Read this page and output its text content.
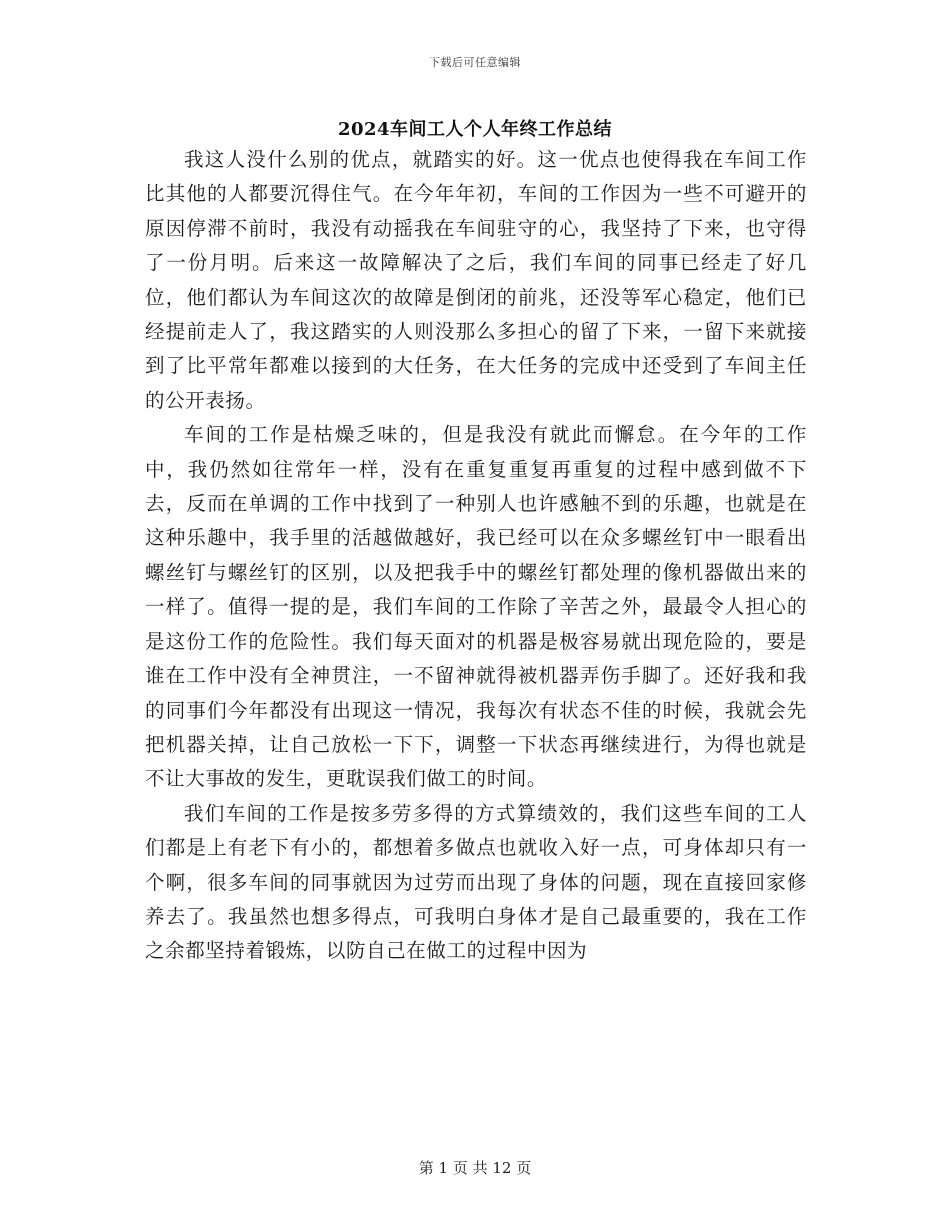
下载后可任意编辑
2024车间工人个人年终工作总结

我这人没什么别的优点，就踏实的好。这一优点也使得我在车间工作比其他的人都要沉得住气。在今年年初，车间的工作因为一些不可避开的原因停滞不前时，我没有动摇我在车间驻守的心，我坚持了下来，也守得了一份月明。后来这一故障解决了之后，我们车间的同事已经走了好几位，他们都认为车间这次的故障是倒闭的前兆，还没等军心稳定，他们已经提前走人了，我这踏实的人则没那么多担心的留了下来，一留下来就接到了比平常年都难以接到的大任务，在大任务的完成中还受到了车间主任的公开表扬。

车间的工作是枯燥乏味的，但是我没有就此而懈怠。在今年的工作中，我仍然如往常年一样，没有在重复重复再重复的过程中感到做不下去，反而在单调的工作中找到了一种别人也许感触不到的乐趣，也就是在这种乐趣中，我手里的活越做越好，我已经可以在众多螺丝钉中一眼看出螺丝钉与螺丝钉的区别，以及把我手中的螺丝钉都处理的像机器做出来的一样了。值得一提的是，我们车间的工作除了辛苦之外，最最令人担心的是这份工作的危险性。我们每天面对的机器是极容易就出现危险的，要是谁在工作中没有全神贯注，一不留神就得被机器弄伤手脚了。还好我和我的同事们今年都没有出现这一情况，我每次有状态不佳的时候，我就会先把机器关掉，让自己放松一下下，调整一下状态再继续进行，为得也就是不让大事故的发生，更耽误我们做工的时间。

我们车间的工作是按多劳多得的方式算绩效的，我们这些车间的工人们都是上有老下有小的，都想着多做点也就收入好一点，可身体却只有一个啊，很多车间的同事就因为过劳而出现了身体的问题，现在直接回家修养去了。我虽然也想多得点，可我明白身体才是自己最重要的，我在工作之余都坚持着锻炼，以防自己在做工的过程中因为

第 1 页 共 12 页
